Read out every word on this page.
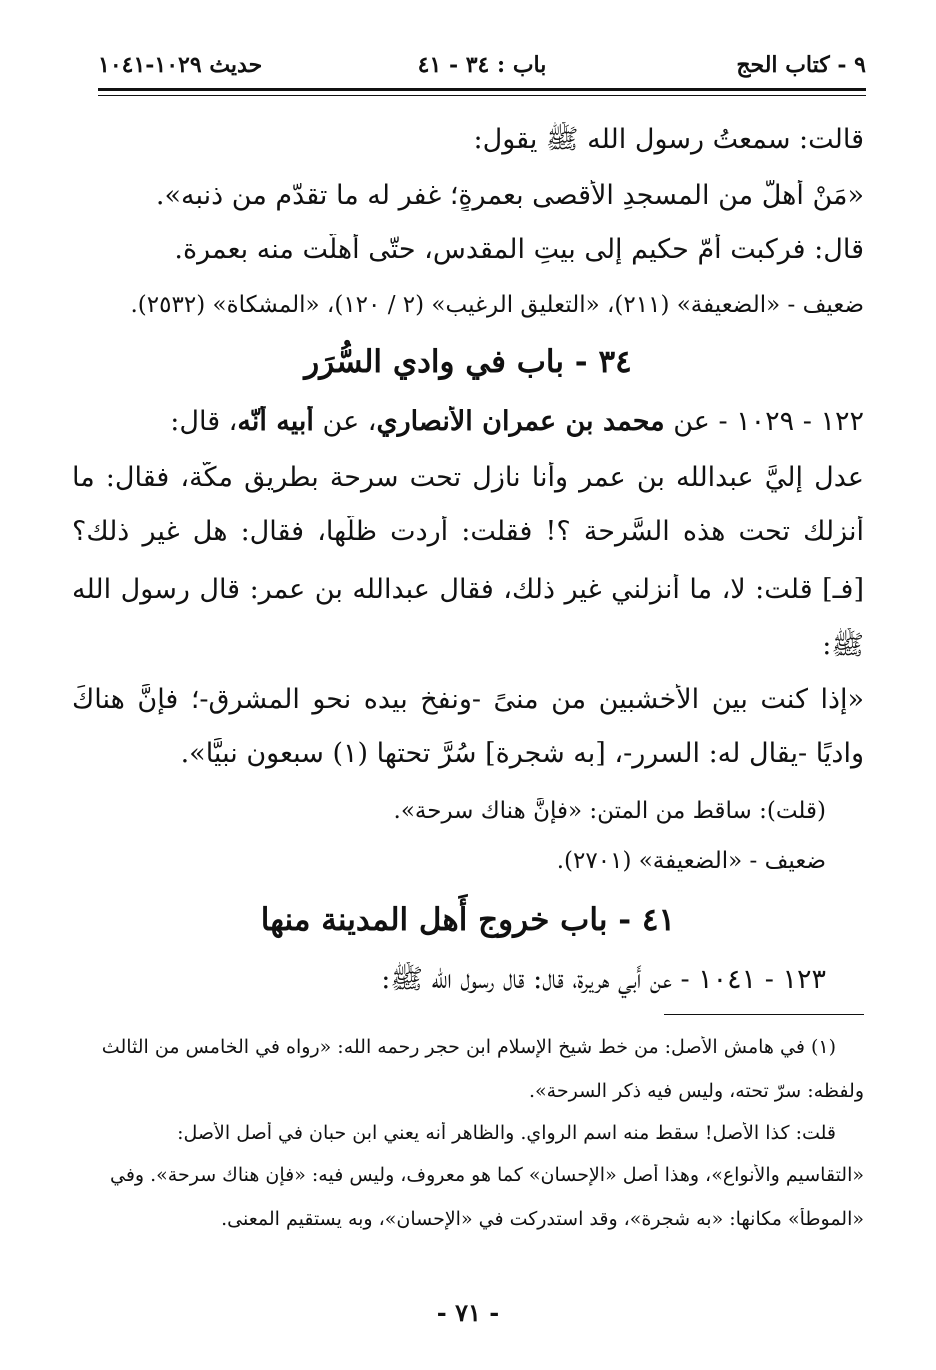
٩ - كتاب الحج
باب : ٣٤ - ٤١
حديث ١٠٢٩-١٠٤١
قالت: سمعتُ رسول الله ﷺ يقول:
«مَنْ أَهلَّ من المسجدِ الأقصى بعمرةٍ؛ غفر له ما تقدّم من ذنبه».
قال: فركبت أُمّ حكيم إلى بيتِ المقدس، حتّى أَهلّت منه بعمرة.
ضعيف - «الضعيفة» (٢١١)، «التعليق الرغيب» (٢ / ١٢٠)، «المشكاة» (٢٥٣٢).
٣٤ - باب في وادي السُّرَر
١٢٢ - ١٠٢٩ - عن محمد بن عمران الأنصاري، عن أبيه أنّه، قال:
عدل إليَّ عبدالله بن عمر وأنا نازل تحت سرحة بطريق مكّة، فقال: ما
أنزلك تحت هذه السَّرحة ؟! فقلت: أردت ظلّها، فقال: هل غير ذلك؟
[فـ] قلت: لا، ما أنزلني غير ذلك، فقال عبدالله بن عمر: قال رسول الله
ﷺ:
«إذا كنت بين الأخشبين من منىً -ونفخ بيده نحو المشرق-؛ فإنَّ هناكَ
واديًا -يقال له: السرر-، [به شجرة] سُرَّ تحتها (١) سبعون نبيًّا».
(قلت): ساقط من المتن: «فإنَّ هناك سرحة».
ضعيف - «الضعيفة» (٢٧٠١).
٤١ - باب خروج أَهل المدينة منها
١٢٣ - ١٠٤١ - عن أَبي هريرة، قال: قال رسول الله ﷺ:
(١) في هامش الأصل: من خط شيخ الإسلام ابن حجر رحمه الله: «رواه في الخامس من الثالث
ولفظه: سرّ تحته، وليس فيه ذكر السرحة».
قلت: كذا الأصل! سقط منه اسم الرواي. والظاهر أنه يعني ابن حبان في أصل الأصل:
«التقاسيم والأنواع»، وهذا أَصل «الإحسان» كما هو معروف، وليس فيه: «فإن هناك سرحة». وفي
«الموطأ» مكانها: «به شجرة»، وقد استدركت في «الإحسان»، وبه يستقيم المعنى.
- ٧١ -
